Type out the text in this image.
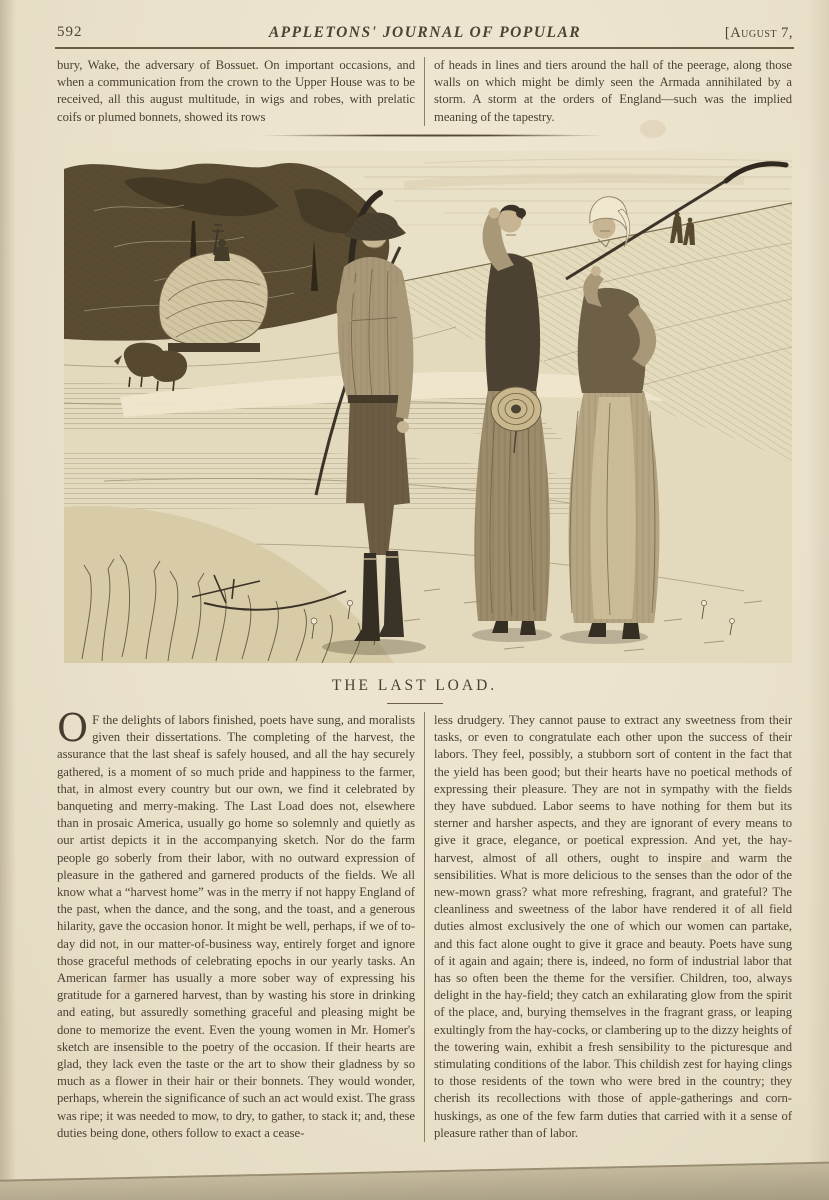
592	APPLETONS' JOURNAL OF POPULAR	[August 7,
bury, Wake, the adversary of Bossuet. On important occasions, and when a communication from the crown to the Upper House was to be received, all this august multitude, in wigs and robes, with prelatic coifs or plumed bonnets, showed its rows
of heads in lines and tiers around the hall of the peerage, along those walls on which might be dimly seen the Armada annihilated by a storm. A storm at the orders of England—such was the implied meaning of the tapestry.
THE LAST LOAD.
O F the delights of labors finished, poets have sung, and moralists given their dissertations. The completing of the harvest, the assurance that the last sheaf is safely housed, and all the hay securely gathered, is a moment of so much pride and happiness to the farmer, that, in almost every country but our own, we find it celebrated by banqueting and merry-making. The Last Load does not, elsewhere than in prosaic America, usually go home so solemnly and quietly as our artist depicts it in the accompanying sketch. Nor do the farm people go soberly from their labor, with no outward expression of pleasure in the gathered and garnered products of the fields. We all know what a “harvest home” was in the merry if not happy England of the past, when the dance, and the song, and the toast, and a generous hilarity, gave the occasion honor. It might be well, perhaps, if we of to-day did not, in our matter-of-business way, entirely forget and ignore those graceful methods of celebrating epochs in our yearly tasks. An American farmer has usually a more sober way of expressing his gratitude for a garnered harvest, than by wasting his store in drinking and eating, but assuredly something graceful and pleasing might be done to memorize the event. Even the young women in Mr. Homer's sketch are insensible to the poetry of the occasion. If their hearts are glad, they lack even the taste or the art to show their gladness by so much as a flower in their hair or their bonnets. They would wonder, perhaps, wherein the significance of such an act would exist. The grass was ripe; it was needed to mow, to dry, to gather, to stack it; and, these duties being done, others follow to exact a cease-
less drudgery. They cannot pause to extract any sweetness from their tasks, or even to congratulate each other upon the success of their labors. They feel, possibly, a stubborn sort of content in the fact that the yield has been good; but their hearts have no poetical methods of expressing their pleasure. They are not in sympathy with the fields they have subdued. Labor seems to have nothing for them but its sterner and harsher aspects, and they are ignorant of every means to give it grace, elegance, or poetical expression. And yet, the hay-harvest, almost of all others, ought to inspire and warm the sensibilities. What is more delicious to the senses than the odor of the new-mown grass? what more refreshing, fragrant, and grateful? The cleanliness and sweetness of the labor have rendered it of all field duties almost exclusively the one of which our women can partake, and this fact alone ought to give it grace and beauty. Poets have sung of it again and again; there is, indeed, no form of industrial labor that has so often been the theme for the versifier. Children, too, always delight in the hay-field; they catch an exhilarating glow from the spirit of the place, and, burying themselves in the fragrant grass, or leaping exultingly from the hay-cocks, or clambering up to the dizzy heights of the towering wain, exhibit a fresh sensibility to the picturesque and stimulating conditions of the labor. This childish zest for haying clings to those residents of the town who were bred in the country; they cherish its recollections with those of apple-gatherings and corn-huskings, as one of the few farm duties that carried with it a sense of pleasure rather than of labor.
